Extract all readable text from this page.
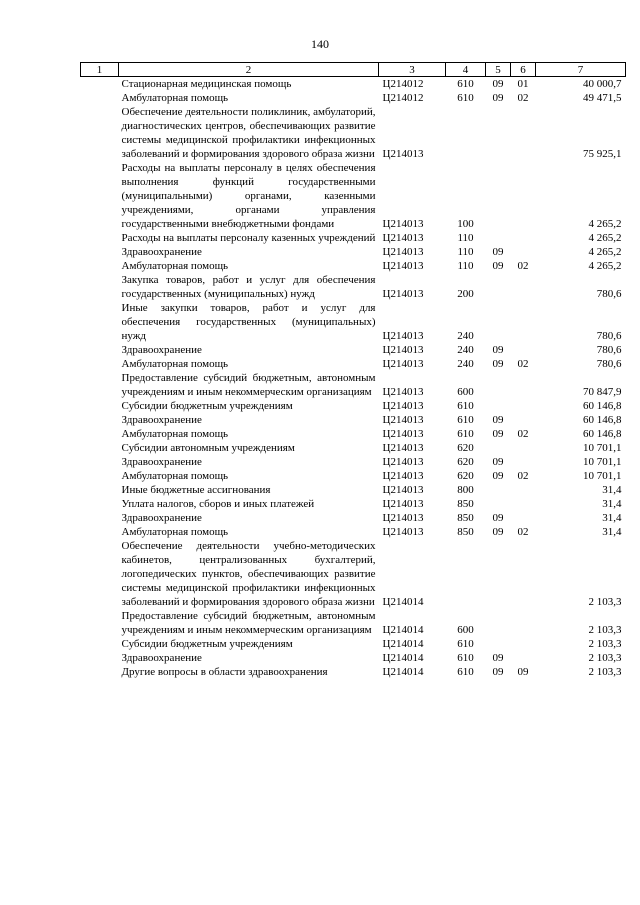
140
1	2	3	4	5	6	7
	Стационарная медицинская помощь	Ц214012	610	09	01	40 000,7
	Амбулаторная помощь	Ц214012	610	09	02	49 471,5
	Обеспечение деятельности поликлиник, амбулаторий, диагностических центров, обеспечивающих развитие системы медицинской профилактики инфекционных заболеваний и формирования здорового образа жизни	Ц214013				75 925,1
	Расходы на выплаты персоналу в целях обеспечения выполнения функций государственными (муниципальными) органами, казенными учреждениями, органами управления государственными внебюджетными фондами	Ц214013	100			4 265,2
	Расходы на выплаты персоналу казенных учреждений	Ц214013	110			4 265,2
	Здравоохранение	Ц214013	110	09		4 265,2
	Амбулаторная помощь	Ц214013	110	09	02	4 265,2
	Закупка товаров, работ и услуг для обеспечения государственных (муниципальных) нужд	Ц214013	200			780,6
	Иные закупки товаров, работ и услуг для обеспечения государственных (муниципальных) нужд	Ц214013	240			780,6
	Здравоохранение	Ц214013	240	09		780,6
	Амбулаторная помощь	Ц214013	240	09	02	780,6
	Предоставление субсидий бюджетным, автономным учреждениям и иным некоммерческим организациям	Ц214013	600			70 847,9
	Субсидии бюджетным учреждениям	Ц214013	610			60 146,8
	Здравоохранение	Ц214013	610	09		60 146,8
	Амбулаторная помощь	Ц214013	610	09	02	60 146,8
	Субсидии автономным учреждениям	Ц214013	620			10 701,1
	Здравоохранение	Ц214013	620	09		10 701,1
	Амбулаторная помощь	Ц214013	620	09	02	10 701,1
	Иные бюджетные ассигнования	Ц214013	800			31,4
	Уплата налогов, сборов и иных платежей	Ц214013	850			31,4
	Здравоохранение	Ц214013	850	09		31,4
	Амбулаторная помощь	Ц214013	850	09	02	31,4
	Обеспечение деятельности учебно-методических кабинетов, централизованных бухгалтерий, логопедических пунктов, обеспечивающих развитие системы медицинской профилактики инфекционных заболеваний и формирования здорового образа жизни	Ц214014				2 103,3
	Предоставление субсидий бюджетным, автономным учреждениям и иным некоммерческим организациям	Ц214014	600			2 103,3
	Субсидии бюджетным учреждениям	Ц214014	610			2 103,3
	Здравоохранение	Ц214014	610	09		2 103,3
	Другие вопросы в области здравоохранения	Ц214014	610	09	09	2 103,3
